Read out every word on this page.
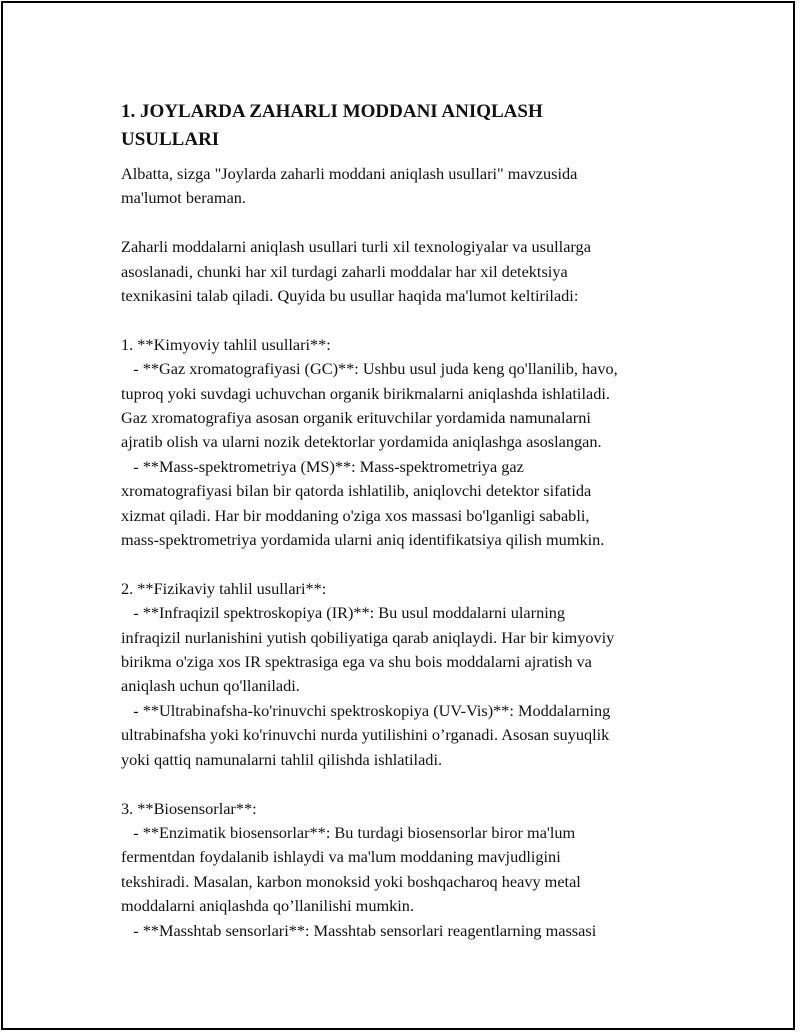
1. JOYLARDA ZAHARLI MODDANI ANIQLASH
USULLARI
Albatta, sizga "Joylarda zaharli moddani aniqlash usullari" mavzusida
ma'lumot beraman.
Zaharli moddalarni aniqlash usullari turli xil texnologiyalar va usullarga
asoslanadi, chunki har xil turdagi zaharli moddalar har xil detektsiya
texnikasini talab qiladi. Quyida bu usullar haqida ma'lumot keltiriladi:
1. **Kimyoviy tahlil usullari**:
- **Gaz xromatografiyasi (GC)**: Ushbu usul juda keng qo'llanilib, havo,
tuproq yoki suvdagi uchuvchan organik birikmalarni aniqlashda ishlatiladi.
Gaz xromatografiya asosan organik erituvchilar yordamida namunalarni
ajratib olish va ularni nozik detektorlar yordamida aniqlashga asoslangan.
- **Mass-spektrometriya (MS)**: Mass-spektrometriya gaz
xromatografiyasi bilan bir qatorda ishlatilib, aniqlovchi detektor sifatida
xizmat qiladi. Har bir moddaning o'ziga xos massasi bo'lganligi sababli,
mass-spektrometriya yordamida ularni aniq identifikatsiya qilish mumkin.
2. **Fizikaviy tahlil usullari**:
- **Infraqizil spektroskopiya (IR)**: Bu usul moddalarni ularning
infraqizil nurlanishini yutish qobiliyatiga qarab aniqlaydi. Har bir kimyoviy
birikma o'ziga xos IR spektrasiga ega va shu bois moddalarni ajratish va
aniqlash uchun qo'llaniladi.
- **Ultrabinafsha-ko'rinuvchi spektroskopiya (UV-Vis)**: Moddalarning
ultrabinafsha yoki ko'rinuvchi nurda yutilishini o’rganadi. Asosan suyuqlik
yoki qattiq namunalarni tahlil qilishda ishlatiladi.
3. **Biosensorlar**:
- **Enzimatik biosensorlar**: Bu turdagi biosensorlar biror ma'lum
fermentdan foydalanib ishlaydi va ma'lum moddaning mavjudligini
tekshiradi. Masalan, karbon monoksid yoki boshqacharoq heavy metal
moddalarni aniqlashda qo’llanilishi mumkin.
- **Masshtab sensorlari**: Masshtab sensorlari reagentlarning massasi
